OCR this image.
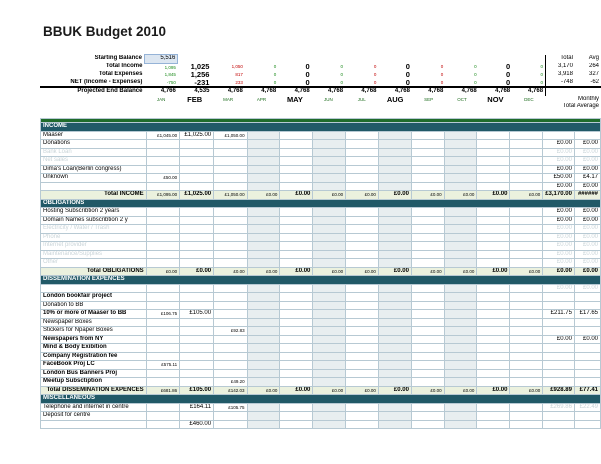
BBUK Budget 2010
Starting Balance	5,516												Total	Avg
Total Income	1,095	1,025	1,050	0	0	0	0	0	0	0	0	0	3,170	264
Total Expenses	1,845	1,256	817	0	0	0	0	0	0	0	0	0	3,918	327
NET (Income - Expenses)	-750	-231	233	0	0	0	0	0	0	0	0	0	-748	-62
Projected End Balance	4,766	4,535	4,768	4,768	4,768	4,768	4,768	4,768	4,768	4,768	4,768	4,768		
	JAN	FEB	MAR	APR	MAY	JUN	JUL	AUG	SEP	OCT	NOV	DEC		Monthly
													Total Average	

INCOME														
Maaser	£1,045.00	£1,025.00	£1,050.00											
Donations													£0.00	£0.00
Bank Loan													£0.00	£0.00
Net sales													£0.00	£0.00
Dima's Loan(Berlin congress)													£0.00	£0.00
Unknown	£50.00												£50.00	£4.17
													£0.00	£0.00
Total INCOME	£1,095.00	£1,025.00	£1,050.00	£0.00	£0.00	£0.00	£0.00	£0.00	£0.00	£0.00	£0.00	£0.00	£3,170.00	######
OBLIGATIONS														
Hosting Subscribtion 2 years													£0.00	£0.00
Domain Names subscribtion 2 y													£0.00	£0.00
Electricity / Water / Trash													£0.00	£0.00
Phone													£0.00	£0.00
Internet provider													£0.00	£0.00
Maintenance/Supplies													£0.00	£0.00
Other													£0.00	£0.00
Total OBLIGATIONS	£0.00	£0.00	£0.00	£0.00	£0.00	£0.00	£0.00	£0.00	£0.00	£0.00	£0.00	£0.00	£0.00	£0.00
DISSEMINATION EXPENCES														
													£0.00	£0.00
London bookfair project														
Donation to BB														
10% or more of Maaser to BB	£106.75	£105.00											£211.75	£17.65
Newspaper Boxes														
Stickers for Npaper Boxes			£92.83											
Newspapers from NY													£0.00	£0.00
Mind & Body Exibition														
Company Registration fee														
FaceBook Proj LC	£575.11													
London Bus Banners Proj														
Meetup Subsctiption			£49.20											
Total DISSEMINATION EXPENCES	£681.86	£105.00	£142.03	£0.00	£0.00	£0.00	£0.00	£0.00	£0.00	£0.00	£0.00	£0.00	£928.89	£77.41
MISCELLANEOUS														
Telephone and internet in centre		£164.11	£105.75										£269.86	£22.49
Deposit for centre														
		£460.00												
